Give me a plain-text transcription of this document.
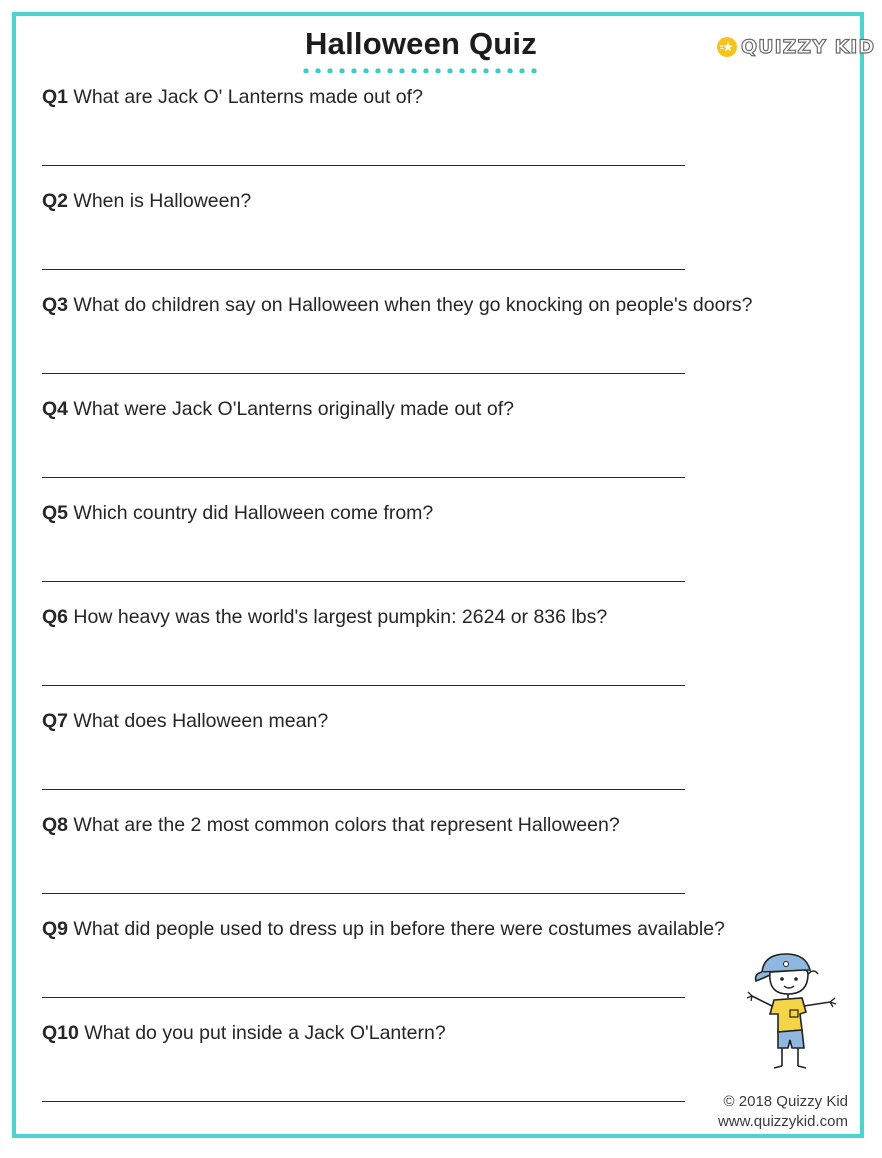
Halloween Quiz	QUIZZY KID
Q1 What are Jack O' Lanterns made out of?
Q2 When is Halloween?
Q3 What do children say on Halloween when they go knocking on people's doors?
Q4 What were Jack O'Lanterns originally made out of?
Q5 Which country did Halloween come from?
Q6 How heavy was the world's largest pumpkin: 2624 or 836 lbs?
Q7 What does Halloween mean?
Q8 What are the 2 most common colors that represent Halloween?
Q9 What did people used to dress up in before there were costumes available?
Q10 What do you put inside a Jack O'Lantern?
© 2018 Quizzy Kid
www.quizzykid.com
